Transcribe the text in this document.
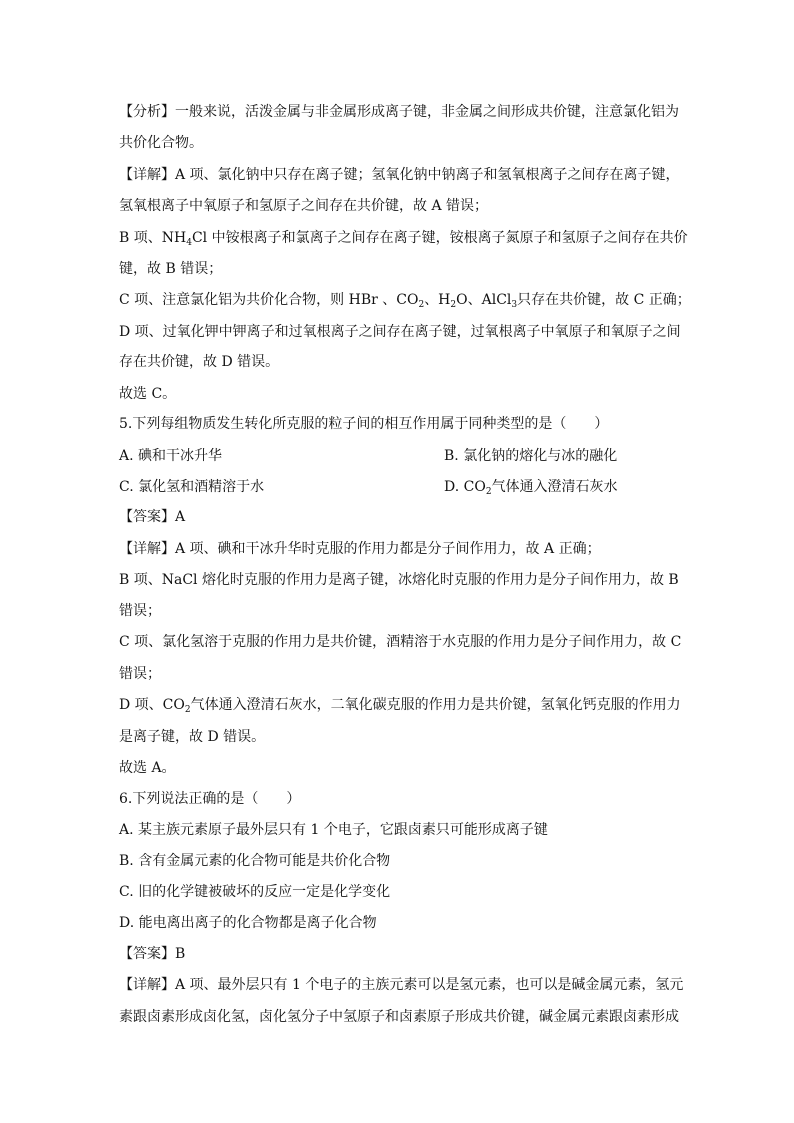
【分析】一般来说，活泼金属与非金属形成离子键，非金属之间形成共价键，注意氯化铝为
共价化合物。
【详解】A 项、氯化钠中只存在离子键；氢氧化钠中钠离子和氢氧根离子之间存在离子键，
氢氧根离子中氧原子和氢原子之间存在共价键，故 A 错误；
B 项、$NH_4Cl$ 中铵根离子和氯离子之间存在离子键，铵根离子氮原子和氢原子之间存在共价
键，故 B 错误；
C 项、注意氯化铝为共价化合物，则 HBr 、$CO_2$、$H_2O$、AlCl$_3$只存在共价键，故 C 正确；
D 项、过氧化钾中钾离子和过氧根离子之间存在离子键，过氧根离子中氧原子和氧原子之间
存在共价键，故 D 错误。
故选 C。
5.下列每组物质发生转化所克服的粒子间的相互作用属于同种类型的是（　　）
A. 碘和干冰升华	B. 氯化钠的熔化与冰的融化
C. 氯化氢和酒精溶于水	D. $CO_2$气体通入澄清石灰水
【答案】A
【详解】A 项、碘和干冰升华时克服的作用力都是分子间作用力，故 A 正确；
B 项、NaCl 熔化时克服的作用力是离子键，冰熔化时克服的作用力是分子间作用力，故 B
错误；
C 项、氯化氢溶于克服的作用力是共价键，酒精溶于水克服的作用力是分子间作用力，故 C
错误；
D 项、$CO_2$气体通入澄清石灰水，二氧化碳克服的作用力是共价键，氢氧化钙克服的作用力
是离子键，故 D 错误。
故选 A。
6.下列说法正确的是（　　）
A. 某主族元素原子最外层只有 1 个电子，它跟卤素只可能形成离子键
B. 含有金属元素的化合物可能是共价化合物
C. 旧的化学键被破坏的反应一定是化学变化
D. 能电离出离子的化合物都是离子化合物
【答案】B
【详解】A 项、最外层只有 1 个电子的主族元素可以是氢元素，也可以是碱金属元素，氢元
素跟卤素形成卤化氢，卤化氢分子中氢原子和卤素原子形成共价键，碱金属元素跟卤素形成
